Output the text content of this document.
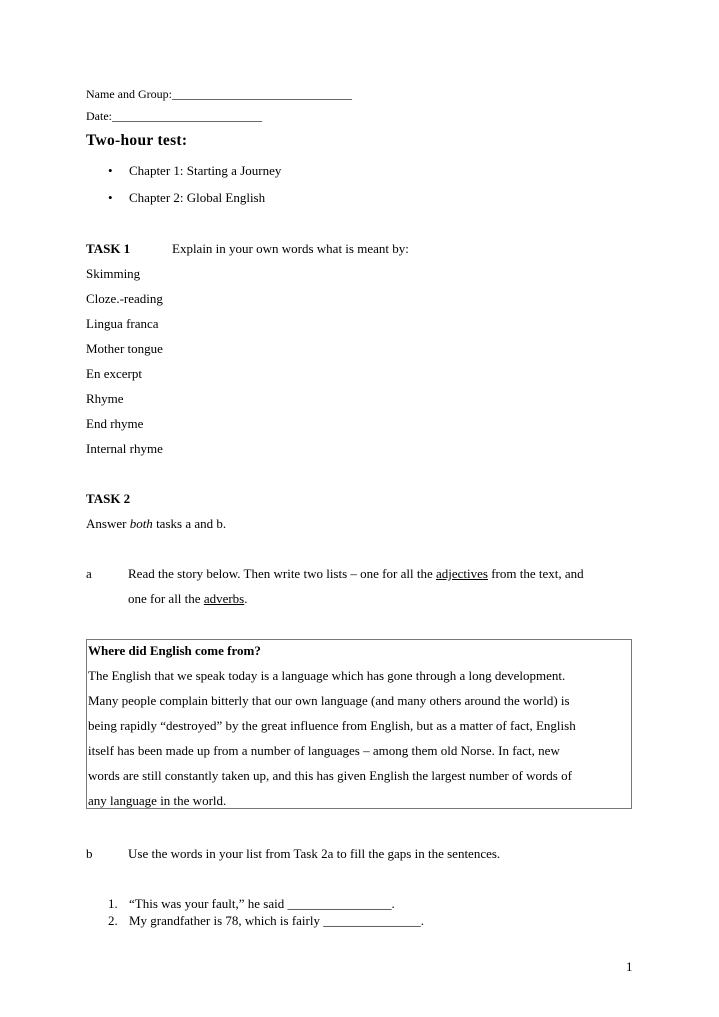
Name and Group:______________________________
Date:_________________________
Two-hour test:
• Chapter 1: Starting a Journey
• Chapter 2: Global English
TASK 1	Explain in your own words what is meant by:
Skimming
Cloze.-reading
Lingua franca
Mother tongue
En excerpt
Rhyme
End rhyme
Internal rhyme
TASK 2
Answer both tasks a and b.
a	Read the story below. Then write two lists – one for all the adjectives from the text, and
one for all the adverbs.
Where did English come from?
The English that we speak today is a language which has gone through a long development.
Many people complain bitterly that our own language (and many others around the world) is
being rapidly “destroyed” by the great influence from English, but as a matter of fact, English
itself has been made up from a number of languages – among them old Norse. In fact, new
words are still constantly taken up, and this has given English the largest number of words of
any language in the world.
b	Use the words in your list from Task 2a to fill the gaps in the sentences.
1. “This was your fault,” he said ________________.
2. My grandfather is 78, which is fairly _______________.
1
